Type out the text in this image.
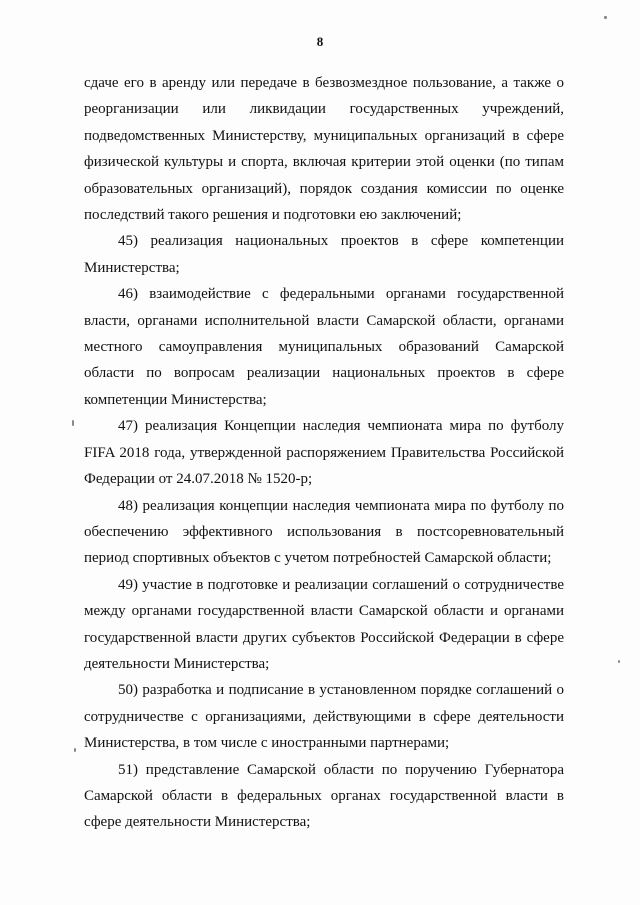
8

сдаче его в аренду или передаче в безвозмездное пользование, а также о реорганизации или ликвидации государственных учреждений, подведомственных Министерству, муниципальных организаций в сфере физической культуры и спорта, включая критерии этой оценки (по типам образовательных организаций), порядок создания комиссии по оценке последствий такого решения и подготовки ею заключений;

45) реализация национальных проектов в сфере компетенции Министерства;

46) взаимодействие с федеральными органами государственной власти, органами исполнительной власти Самарской области, органами местного самоуправления муниципальных образований Самарской области по вопросам реализации национальных проектов в сфере компетенции Министерства;

47) реализация Концепции наследия чемпионата мира по футболу FIFA 2018 года, утвержденной распоряжением Правительства Российской Федерации от 24.07.2018 № 1520-р;

48) реализация концепции наследия чемпионата мира по футболу по обеспечению эффективного использования в постсоревновательный период спортивных объектов с учетом потребностей Самарской области;

49) участие в подготовке и реализации соглашений о сотрудничестве между органами государственной власти Самарской области и органами государственной власти других субъектов Российской Федерации в сфере деятельности Министерства;

50) разработка и подписание в установленном порядке соглашений о сотрудничестве с организациями, действующими в сфере деятельности Министерства, в том числе с иностранными партнерами;

51) представление Самарской области по поручению Губернатора Самарской области в федеральных органах государственной власти в сфере деятельности Министерства;
